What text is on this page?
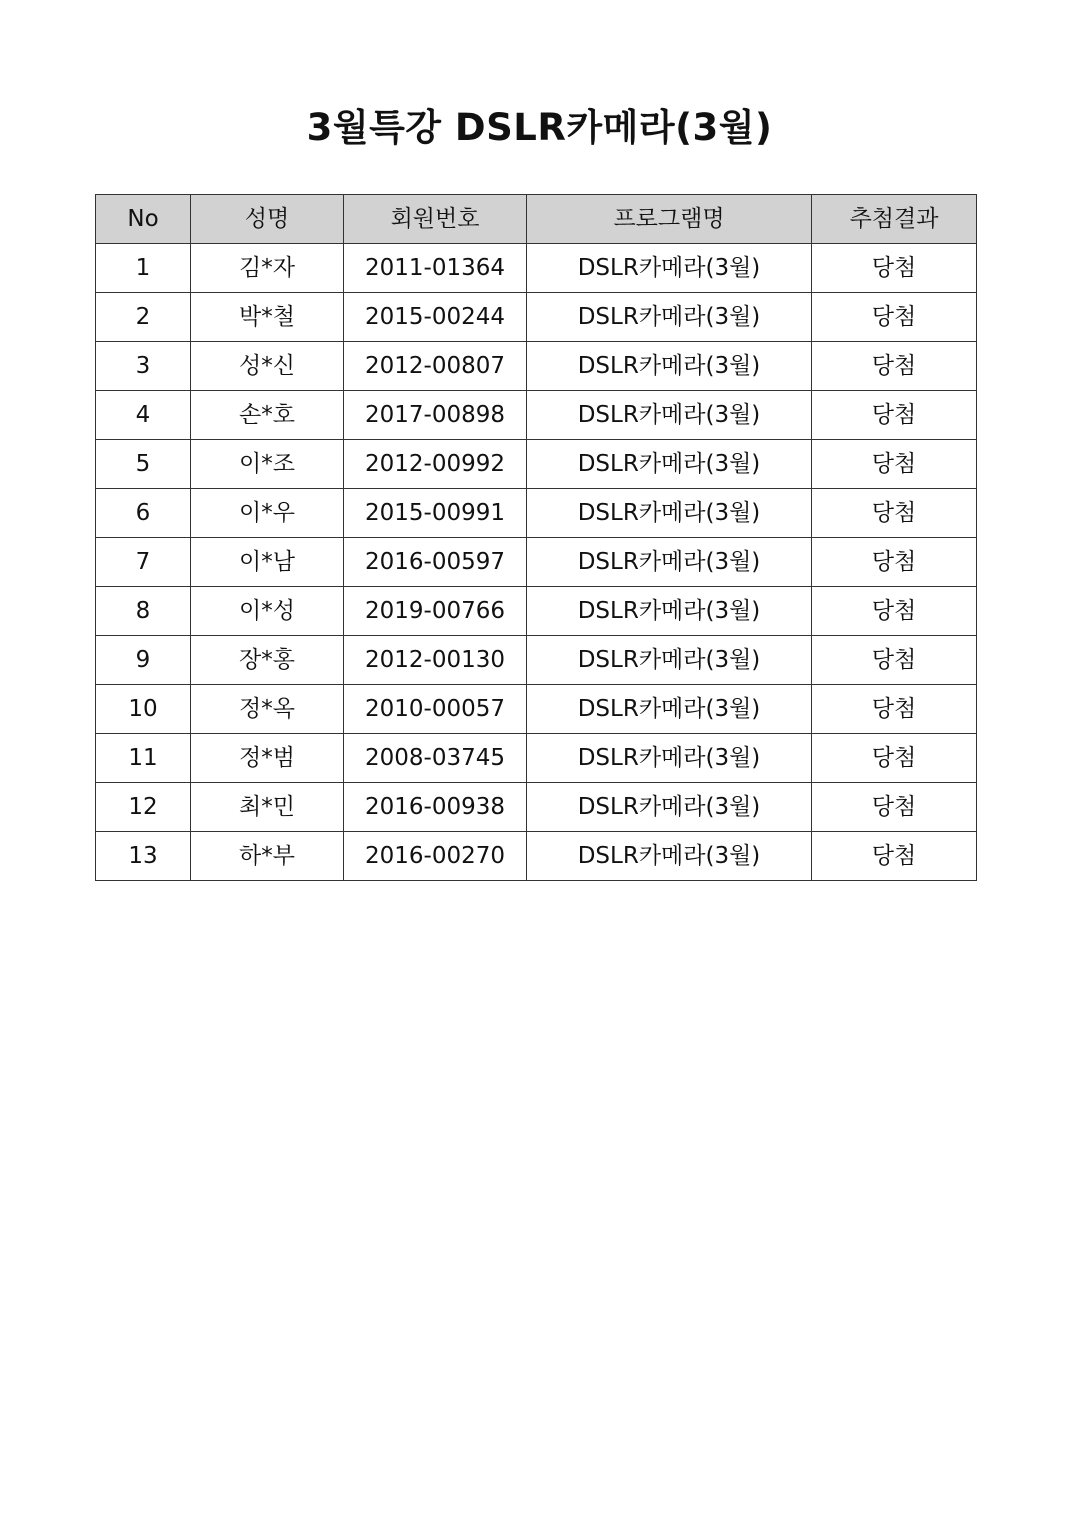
3월특강 DSLR카메라(3월)
No	성명	회원번호	프로그램명	추첨결과
1	김*자	2011-01364	DSLR카메라(3월)	당첨
2	박*철	2015-00244	DSLR카메라(3월)	당첨
3	성*신	2012-00807	DSLR카메라(3월)	당첨
4	손*호	2017-00898	DSLR카메라(3월)	당첨
5	이*조	2012-00992	DSLR카메라(3월)	당첨
6	이*우	2015-00991	DSLR카메라(3월)	당첨
7	이*남	2016-00597	DSLR카메라(3월)	당첨
8	이*성	2019-00766	DSLR카메라(3월)	당첨
9	장*홍	2012-00130	DSLR카메라(3월)	당첨
10	정*옥	2010-00057	DSLR카메라(3월)	당첨
11	정*범	2008-03745	DSLR카메라(3월)	당첨
12	최*민	2016-00938	DSLR카메라(3월)	당첨
13	하*부	2016-00270	DSLR카메라(3월)	당첨
